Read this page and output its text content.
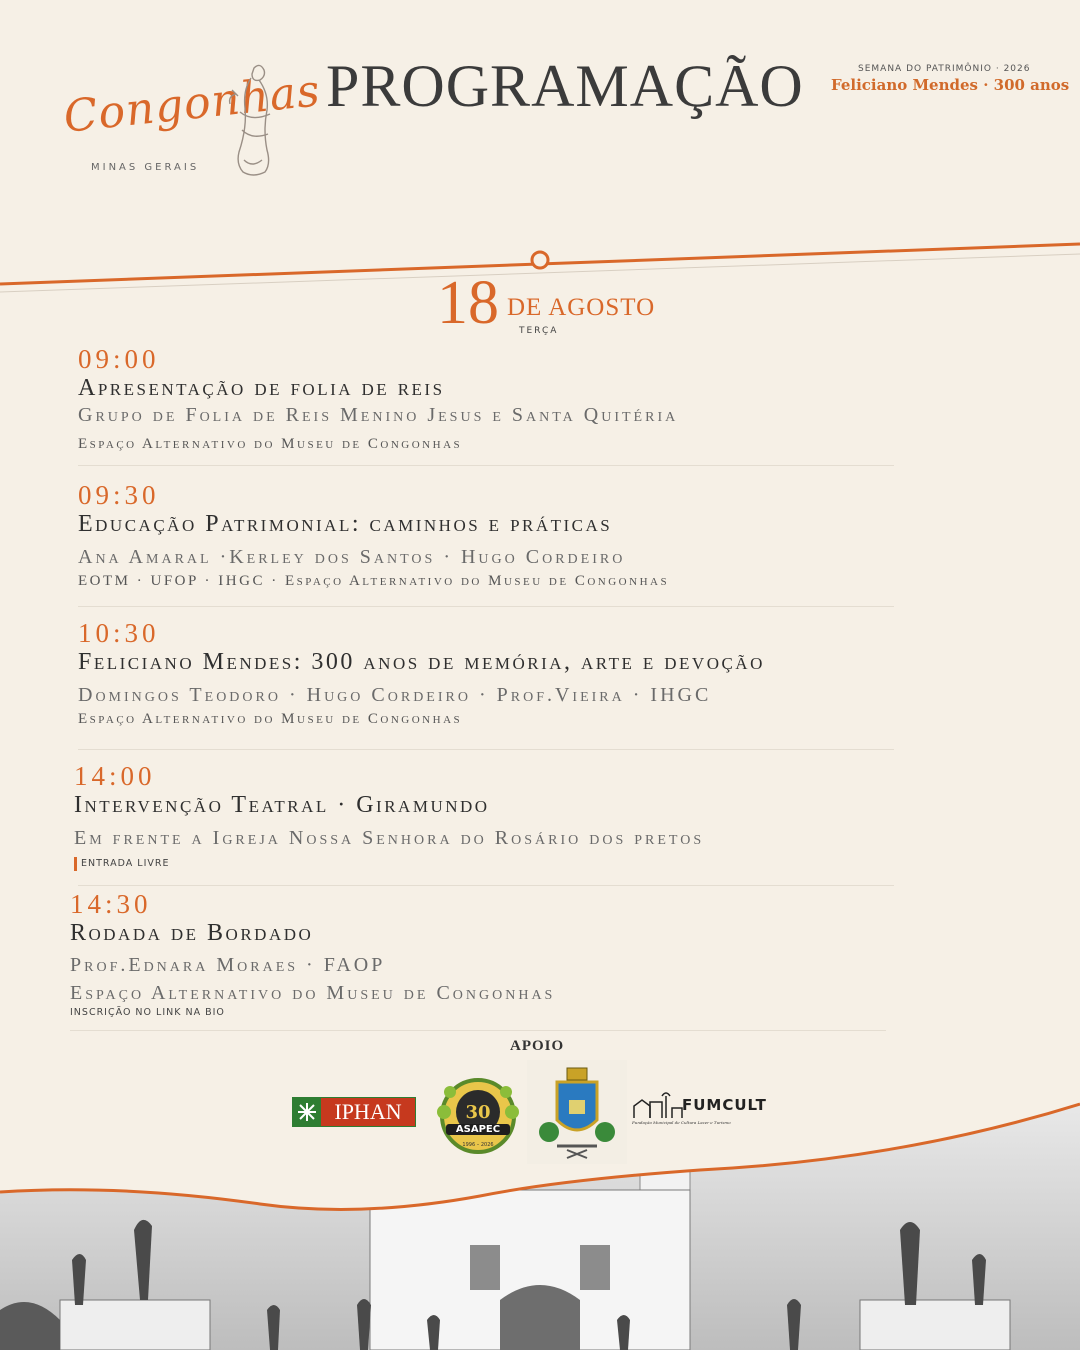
Congonhas
MINAS GERAIS
PROGRAMAÇÃO	SEMANA DO PATRIMÔNIO · 2026
Feliciano Mendes · 300 anos
18 DE AGOSTO
TERÇA
09:00
Apresentação de folia de reis
Grupo de Folia de Reis Menino Jesus e Santa Quitéria
Espaço Alternativo do Museu de Congonhas
09:30
Educação Patrimonial: caminhos e práticas
Ana Amaral ·Kerley dos Santos · Hugo Cordeiro
EOTM · UFOP · IHGC · Espaço Alternativo do Museu de Congonhas
10:30
Feliciano Mendes: 300 anos de memória, arte e devoção
Domingos Teodoro · Hugo Cordeiro · Prof.Vieira · IHGC
Espaço Alternativo do Museu de Congonhas
14:00
Intervenção Teatral · Giramundo
Em frente a Igreja Nossa Senhora do Rosário dos pretos
ENTRADA LIVRE
14:30
Rodada de Bordado
Prof.Ednara Moraes · FAOP
Espaço Alternativo do Museu de Congonhas
INSCRIÇÃO NO LINK NA BIO
APOIO
IPHAN	30
ASAPEC
1996 – 2026
FUMCULT
Fundação Municipal de Cultura Lazer e Turismo
